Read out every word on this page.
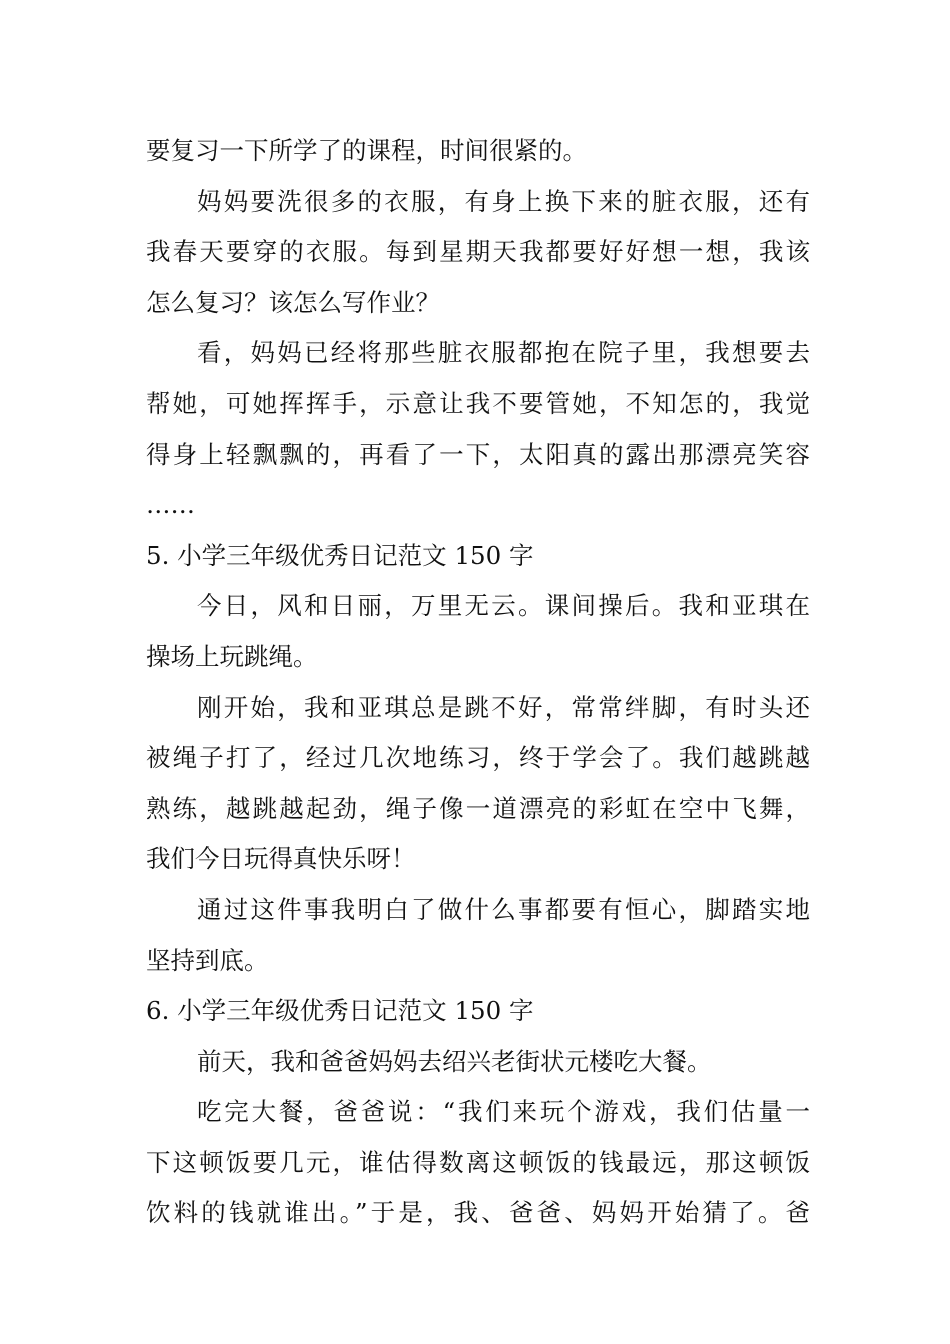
要复习一下所学了的课程，时间很紧的。
妈妈要洗很多的衣服，有身上换下来的脏衣服，还有
我春天要穿的衣服。每到星期天我都要好好想一想，我该
怎么复习？该怎么写作业？
看，妈妈已经将那些脏衣服都抱在院子里，我想要去
帮她，可她挥挥手，示意让我不要管她，不知怎的，我觉
得身上轻飘飘的，再看了一下，太阳真的露出那漂亮笑容
……
5. 小学三年级优秀日记范文 150 字
今日，风和日丽，万里无云。课间操后。我和亚琪在
操场上玩跳绳。
刚开始，我和亚琪总是跳不好，常常绊脚，有时头还
被绳子打了，经过几次地练习，终于学会了。我们越跳越
熟练，越跳越起劲，绳子像一道漂亮的彩虹在空中飞舞，
我们今日玩得真快乐呀！
通过这件事我明白了做什么事都要有恒心，脚踏实地
坚持到底。
6. 小学三年级优秀日记范文 150 字
前天，我和爸爸妈妈去绍兴老街状元楼吃大餐。
吃完大餐，爸爸说：“我们来玩个游戏，我们估量一
下这顿饭要几元，谁估得数离这顿饭的钱最远，那这顿饭
饮料的钱就谁出。”于是，我、爸爸、妈妈开始猜了。爸
